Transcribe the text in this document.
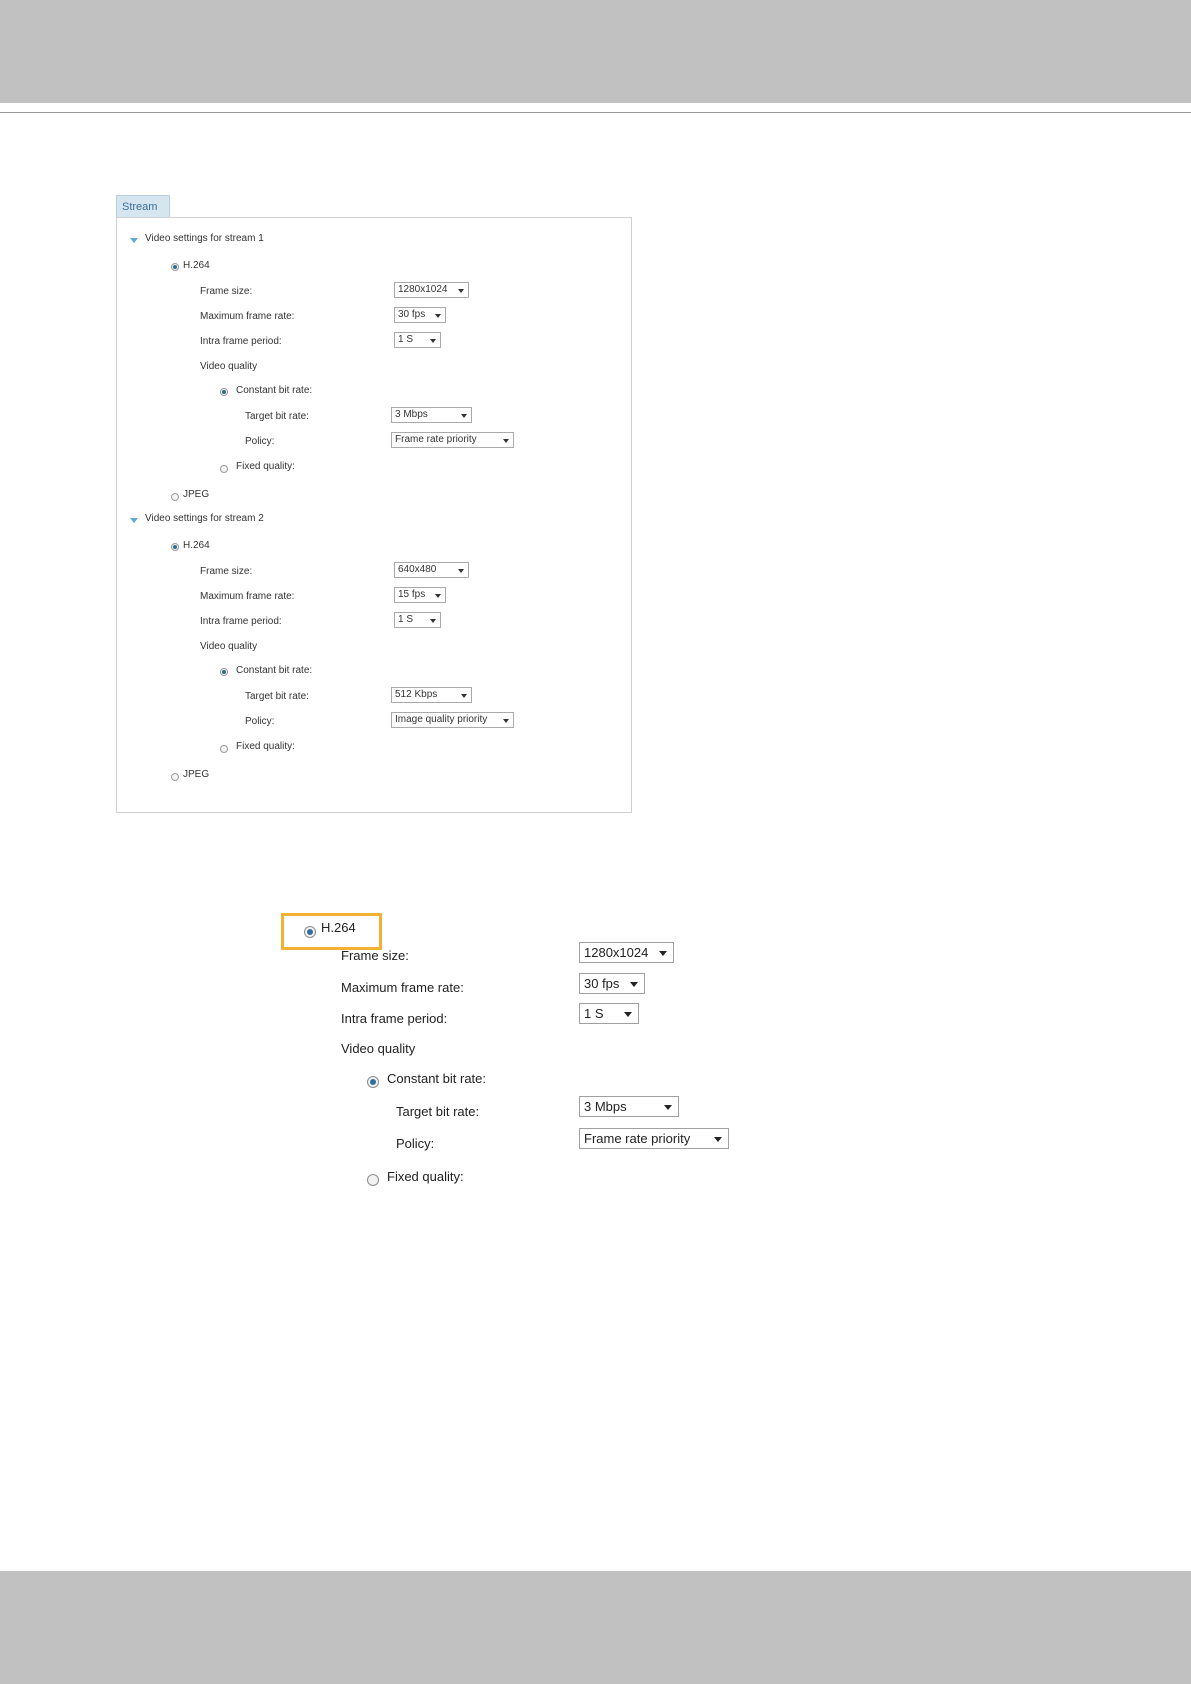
Stream
Video settings for stream 1
H.264
Frame size:	1280x1024
Maximum frame rate:	30 fps
Intra frame period:	1 S
Video quality
Constant bit rate:
Target bit rate:	3 Mbps
Policy:	Frame rate priority
Fixed quality:
JPEG
Video settings for stream 2
H.264
Frame size:	640x480
Maximum frame rate:	15 fps
Intra frame period:	1 S
Video quality
Constant bit rate:
Target bit rate:	512 Kbps
Policy:	Image quality priority
Fixed quality:
JPEG
H.264
Frame size:	1280x1024
Maximum frame rate:	30 fps
Intra frame period:	1 S
Video quality
Constant bit rate:
Target bit rate:	3 Mbps
Policy:	Frame rate priority
Fixed quality:
